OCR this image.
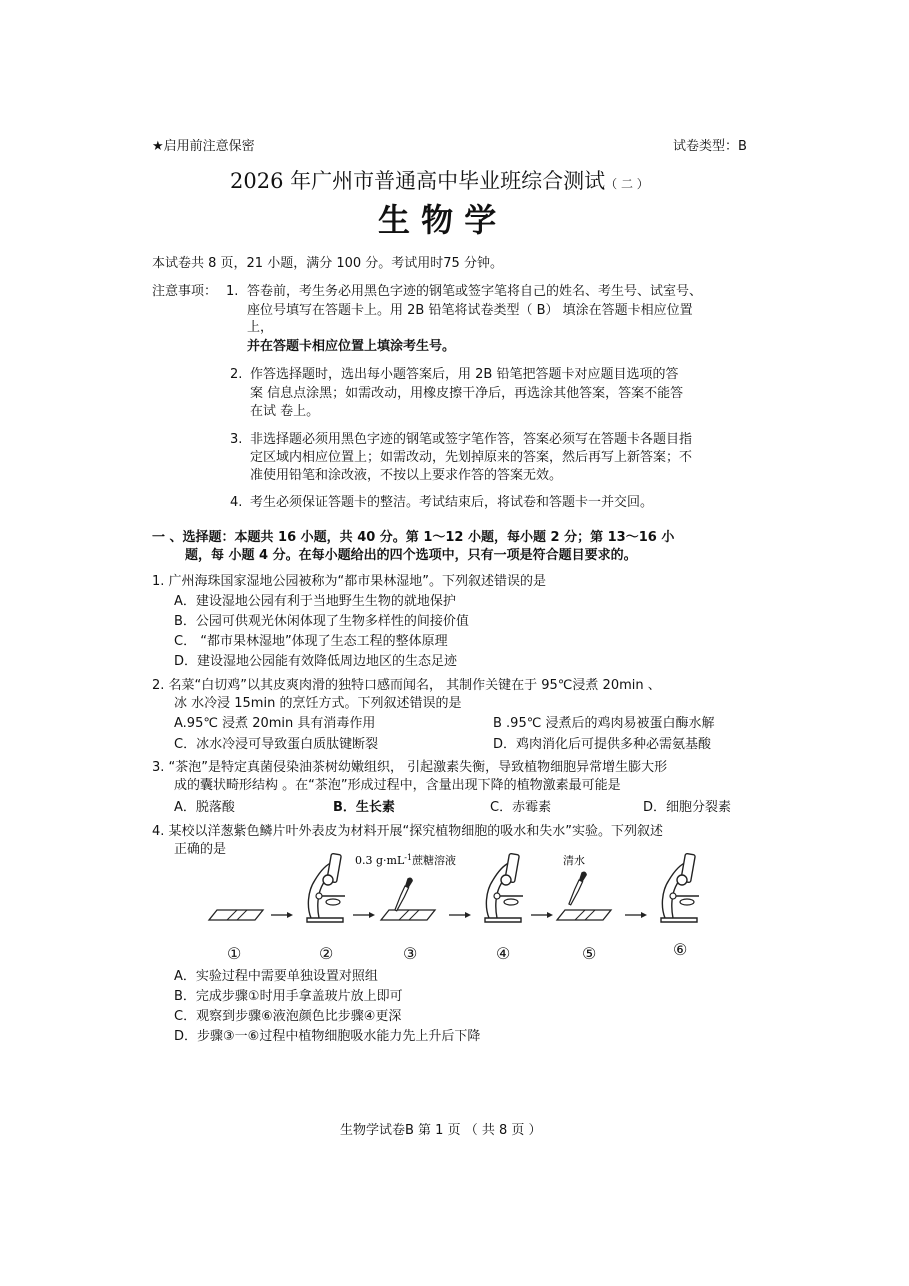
★启用前注意保密	试卷类型：B
2026 年广州市普通高中毕业班综合测试（ 二 ）
生 物 学
本试卷共 8 页，21 小题，满分 100 分。考试用时75 分钟。
注意事项： 1. 答卷前，考生务必用黑色字迹的钢笔或签字笔将自己的姓名、考生号、试室号、
座位号填写在答题卡上。用 2B 铅笔将试卷类型（ B） 填涂在答题卡相应位置
上，
并在答题卡相应位置上填涂考生号。
2. 作答选择题时，选出每小题答案后，用 2B 铅笔把答题卡对应题目选项的答
案 信息点涂黑；如需改动，用橡皮擦干净后，再选涂其他答案，答案不能答
在试 卷上。
3. 非选择题必须用黑色字迹的钢笔或签字笔作答，答案必须写在答题卡各题目指
定区域内相应位置上；如需改动，先划掉原来的答案，然后再写上新答案；不
准使用铅笔和涂改液，不按以上要求作答的答案无效。
4. 考生必须保证答题卡的整洁。考试结束后，将试卷和答题卡一并交回。
一 、选择题：本题共 16 小题，共 40 分。第 1～12 小题，每小题 2 分；第 13～16 小
题，每 小题 4 分。在每小题给出的四个选项中，只有一项是符合题目要求的。
1. 广州海珠国家湿地公园被称为“都市果林湿地”。下列叙述错误的是
A．建设湿地公园有利于当地野生生物的就地保护
B．公园可供观光休闲体现了生物多样性的间接价值
C． “都市果林湿地”体现了生态工程的整体原理
D．建设湿地公园能有效降低周边地区的生态足迹
2. 名菜“白切鸡”以其皮爽肉滑的独特口感而闻名， 其制作关键在于 95℃浸煮 20min 、
冰 水冷浸 15min 的烹饪方式。下列叙述错误的是
A.95℃ 浸煮 20min 具有消毒作用	B .95℃ 浸煮后的鸡肉易被蛋白酶水解
C．冰水冷浸可导致蛋白质肽键断裂	D．鸡肉消化后可提供多种必需氨基酸
3. “茶泡”是特定真菌侵染油茶树幼嫩组织， 引起激素失衡，导致植物细胞异常增生膨大形
成的囊状畸形结构 。在“茶泡”形成过程中，含量出现下降的植物激素最可能是
A．脱落酸	B．生长素	C．赤霉素	D．细胞分裂素
4. 某校以洋葱紫色鳞片叶外表皮为材料开展“探究植物细胞的吸水和失水”实验。下列叙述
正确的是
0.3 $g\cdot mL^{-1}$蔗糖溶液	清水
①	②	③	④	⑤	⑥
A．实验过程中需要单独设置对照组
B．完成步骤①时用手拿盖玻片放上即可
C．观察到步骤⑥液泡颜色比步骤④更深
D．步骤③一⑥过程中植物细胞吸水能力先上升后下降
生物学试卷B 第 1 页 （ 共 8 页 ）
